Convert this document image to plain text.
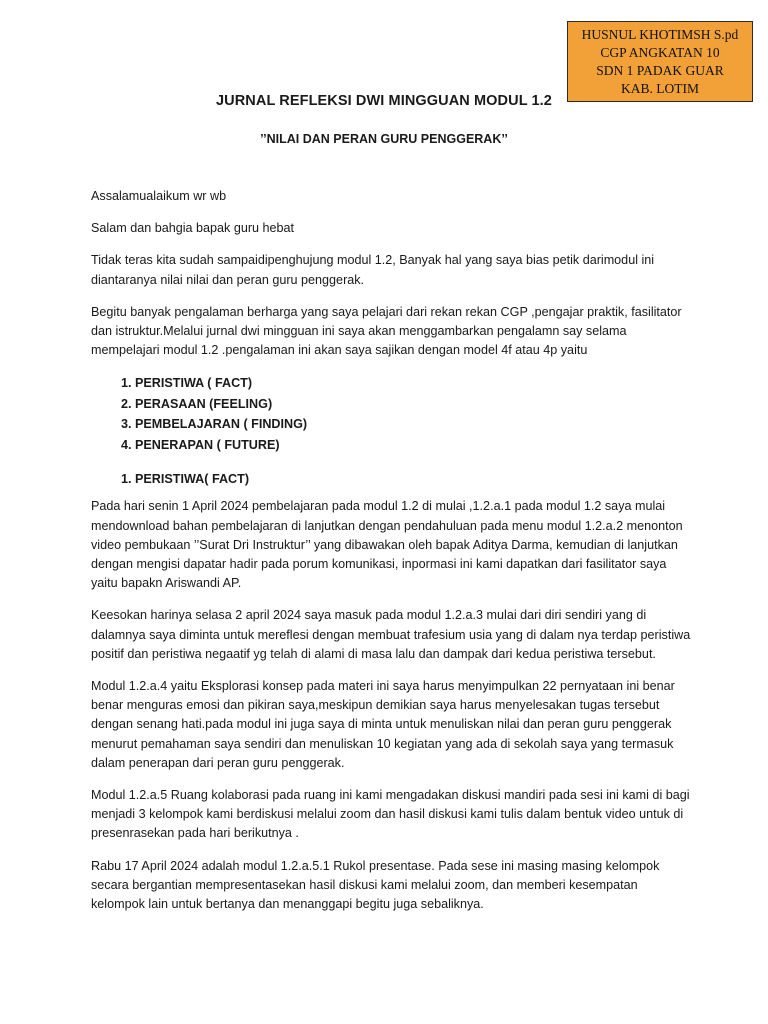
HUSNUL KHOTIMSH S.pd
CGP ANGKATAN 10
SDN 1 PADAK GUAR
KAB. LOTIM
JURNAL REFLEKSI DWI MINGGUAN MODUL 1.2
’’NILAI DAN PERAN GURU PENGGERAK’’

Assalamualaikum wr wb

Salam dan bahgia bapak guru hebat

Tidak teras kita sudah sampaidipenghujung modul 1.2, Banyak hal yang saya bias petik darimodul ini diantaranya nilai nilai dan peran guru penggerak.

Begitu banyak pengalaman berharga yang saya pelajari dari rekan rekan CGP ,pengajar praktik, fasilitator dan istruktur.Melalui jurnal dwi mingguan ini saya akan menggambarkan pengalamn say selama mempelajari modul 1.2 .pengalaman ini akan saya sajikan dengan model 4f atau 4p yaitu

1. PERISTIWA ( FACT)
2. PERASAAN (FEELING)
3. PEMBELAJARAN ( FINDING)
4. PENERAPAN ( FUTURE)
1. PERISTIWA( FACT)

Pada hari senin 1 April 2024 pembelajaran pada modul 1.2 di mulai ,1.2.a.1 pada modul 1.2 saya mulai mendownload bahan pembelajaran di lanjutkan dengan pendahuluan pada menu modul 1.2.a.2 menonton video pembukaan ’’Surat Dri Instruktur’’ yang dibawakan oleh bapak Aditya Darma, kemudian di lanjutkan dengan mengisi dapatar hadir pada porum komunikasi, inpormasi ini kami dapatkan dari fasilitator saya yaitu bapakn Ariswandi AP.

Keesokan harinya selasa 2 april 2024 saya masuk pada modul 1.2.a.3 mulai dari diri sendiri yang di dalamnya saya diminta untuk mereflesi dengan membuat trafesium usia yang di dalam nya terdap peristiwa positif dan peristiwa negaatif yg telah di alami di masa lalu dan dampak dari kedua peristiwa tersebut.

Modul 1.2.a.4 yaitu Eksplorasi konsep pada materi ini saya harus menyimpulkan 22 pernyataan ini benar benar menguras emosi dan pikiran saya,meskipun demikian saya harus menyelesakan tugas tersebut dengan senang hati.pada modul ini juga saya di minta untuk menuliskan nilai dan peran guru penggerak menurut pemahaman saya sendiri dan menuliskan 10 kegiatan yang ada di sekolah saya yang termasuk dalam penerapan dari peran guru penggerak.

Modul 1.2.a.5 Ruang kolaborasi pada ruang ini kami mengadakan diskusi mandiri pada sesi ini kami di bagi menjadi 3 kelompok kami berdiskusi melalui zoom dan hasil diskusi kami tulis dalam bentuk video untuk di presenrasekan pada hari berikutnya .

Rabu 17 April 2024 adalah modul 1.2.a.5.1 Rukol presentase. Pada sese ini masing masing kelompok secara bergantian mempresentasekan hasil diskusi kami melalui zoom, dan memberi kesempatan kelompok lain untuk bertanya dan menanggapi begitu juga sebaliknya.
